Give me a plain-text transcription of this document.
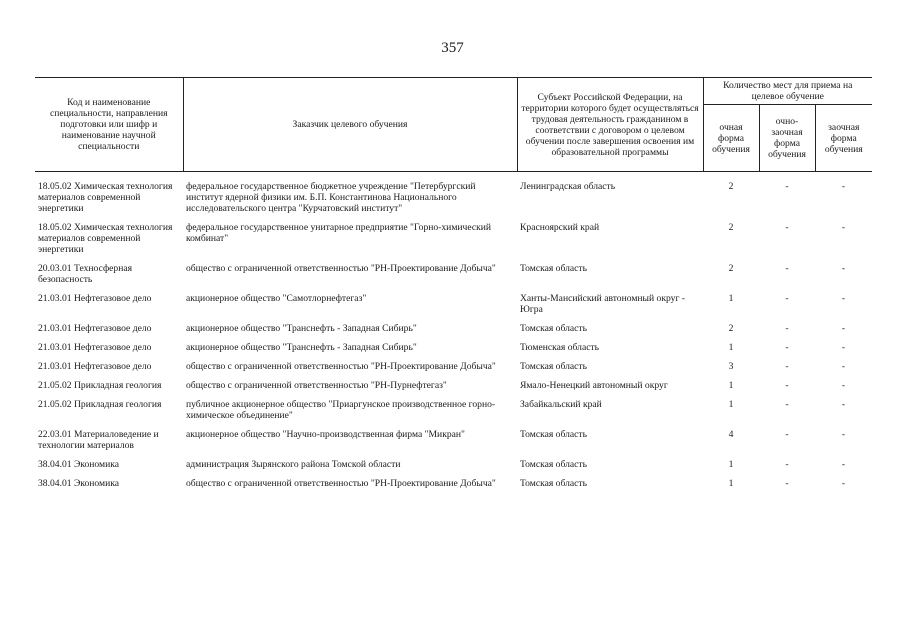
357
Код и наименование специальности, направления подготовки или шифр и наименование научной специальности	Заказчик целевого обучения	Субъект Российской Федерации, на территории которого будет осуществляться трудовая деятельность гражданином в соответствии с договором о целевом обучении после завершения освоения им образовательной программы	Количество мест для приема на целевое обучение		
			очная форма обучения	очно-заочная форма обучения	заочная форма обучения

18.05.02 Химическая технология материалов современной энергетики	федеральное государственное бюджетное учреждение "Петербургский институт ядерной физики им. Б.П. Константинова Национального исследовательского центра "Курчатовский институт"	Ленинградская область	2	-	-
18.05.02 Химическая технология материалов современной энергетики	федеральное государственное унитарное предприятие "Горно-химический комбинат"	Красноярский край	2	-	-
20.03.01 Техносферная безопасность	общество с ограниченной ответственностью "РН-Проектирование Добыча"	Томская область	2	-	-
21.03.01 Нефтегазовое дело	акционерное общество "Самотлорнефтегаз"	Ханты-Мансийский автономный округ - Югра	1	-	-
21.03.01 Нефтегазовое дело	акционерное общество "Транснефть - Западная Сибирь"	Томская область	2	-	-
21.03.01 Нефтегазовое дело	акционерное общество "Транснефть - Западная Сибирь"	Тюменская область	1	-	-
21.03.01 Нефтегазовое дело	общество с ограниченной ответственностью "РН-Проектирование Добыча"	Томская область	3	-	-
21.05.02 Прикладная геология	общество с ограниченной ответственностью "РН-Пурнефтегаз"	Ямало-Ненецкий автономный округ	1	-	-
21.05.02 Прикладная геология	публичное акционерное общество "Приаргунское производственное горно-химическое объединение"	Забайкальский край	1	-	-
22.03.01 Материаловедение и технологии материалов	акционерное общество "Научно-производственная фирма "Микран"	Томская область	4	-	-
38.04.01 Экономика	администрация Зырянского района Томской области	Томская область	1	-	-
38.04.01 Экономика	общество с ограниченной ответственностью "РН-Проектирование Добыча"	Томская область	1	-	-
